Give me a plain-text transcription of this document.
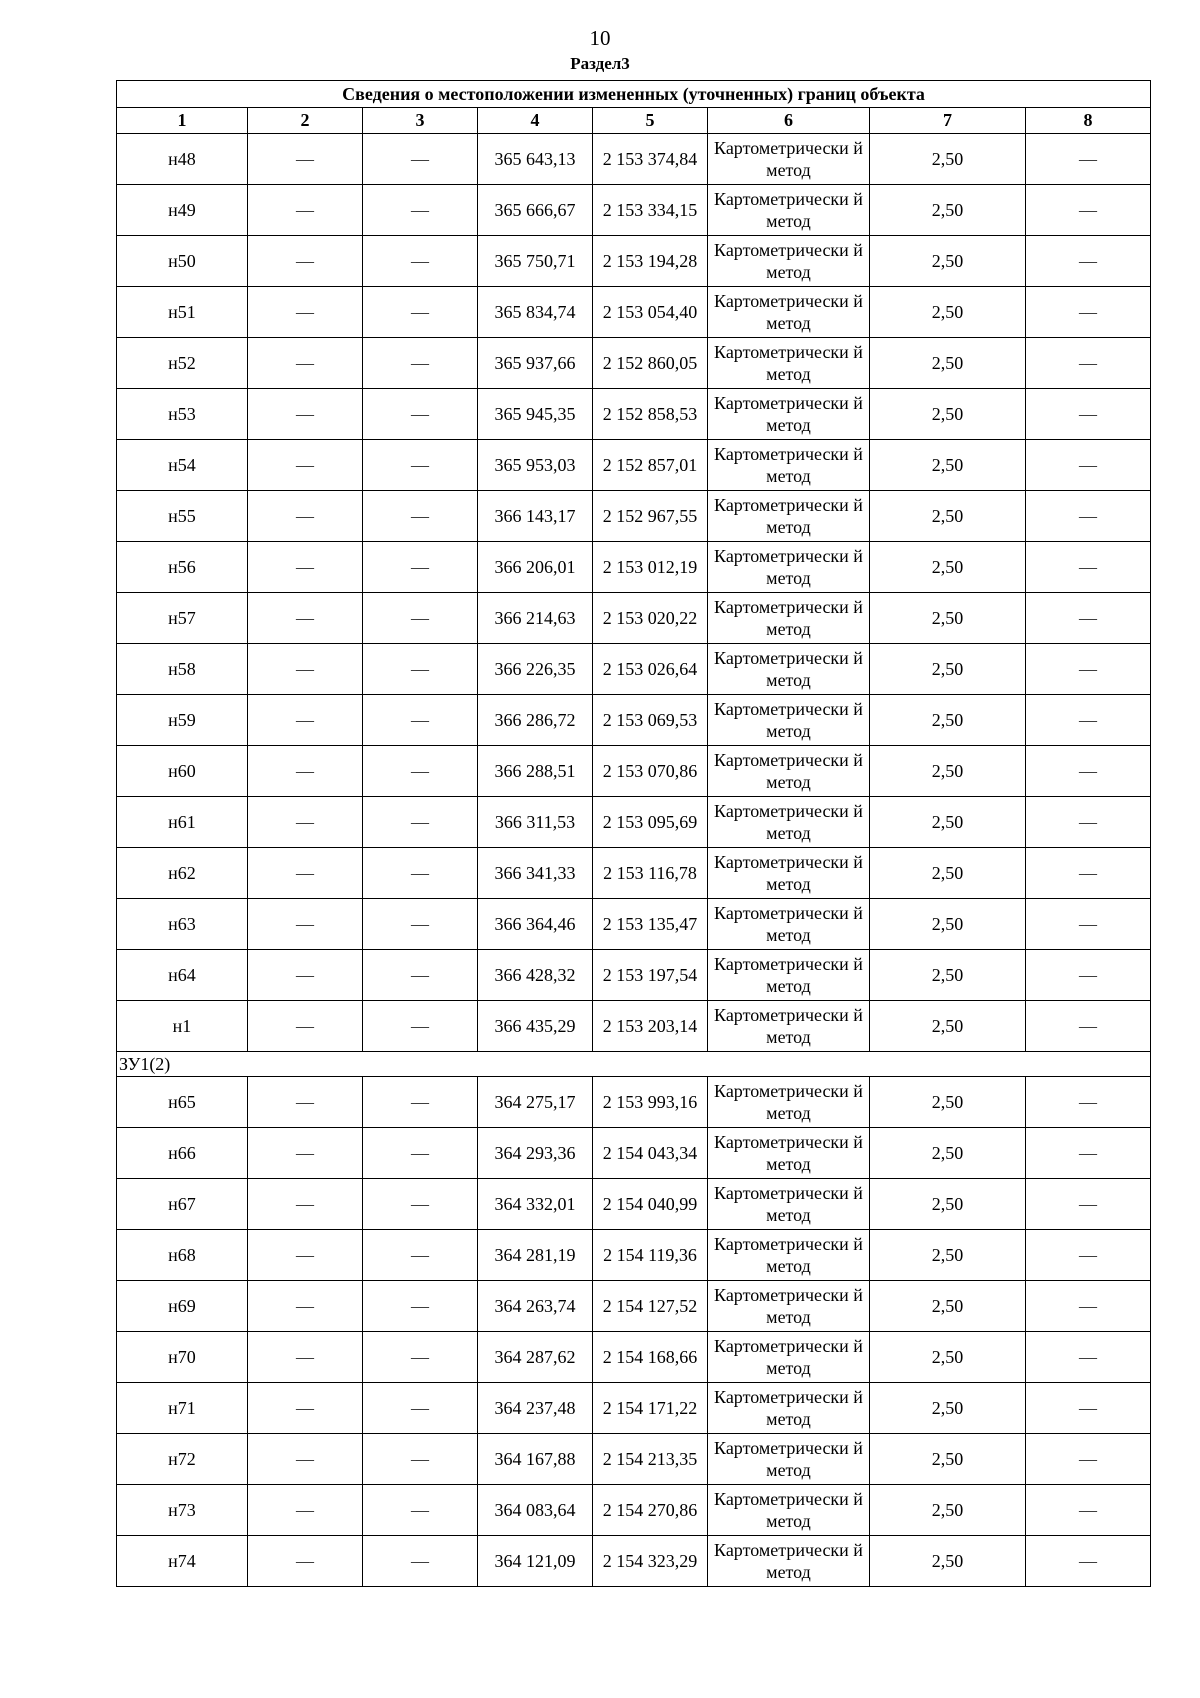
10
Раздел3
Сведения о местоположении измененных (уточненных) границ объекта							
1	2	3	4	5	6	7	8
н48	—	—	365 643,13	2 153 374,84	Картометрически й метод	2,50	—
н49	—	—	365 666,67	2 153 334,15	Картометрически й метод	2,50	—
н50	—	—	365 750,71	2 153 194,28	Картометрически й метод	2,50	—
н51	—	—	365 834,74	2 153 054,40	Картометрически й метод	2,50	—
н52	—	—	365 937,66	2 152 860,05	Картометрически й метод	2,50	—
н53	—	—	365 945,35	2 152 858,53	Картометрически й метод	2,50	—
н54	—	—	365 953,03	2 152 857,01	Картометрически й метод	2,50	—
н55	—	—	366 143,17	2 152 967,55	Картометрически й метод	2,50	—
н56	—	—	366 206,01	2 153 012,19	Картометрически й метод	2,50	—
н57	—	—	366 214,63	2 153 020,22	Картометрически й метод	2,50	—
н58	—	—	366 226,35	2 153 026,64	Картометрически й метод	2,50	—
н59	—	—	366 286,72	2 153 069,53	Картометрически й метод	2,50	—
н60	—	—	366 288,51	2 153 070,86	Картометрически й метод	2,50	—
н61	—	—	366 311,53	2 153 095,69	Картометрически й метод	2,50	—
н62	—	—	366 341,33	2 153 116,78	Картометрически й метод	2,50	—
н63	—	—	366 364,46	2 153 135,47	Картометрически й метод	2,50	—
н64	—	—	366 428,32	2 153 197,54	Картометрически й метод	2,50	—
н1	—	—	366 435,29	2 153 203,14	Картометрически й метод	2,50	—
ЗУ1(2)							
н65	—	—	364 275,17	2 153 993,16	Картометрически й метод	2,50	—
н66	—	—	364 293,36	2 154 043,34	Картометрически й метод	2,50	—
н67	—	—	364 332,01	2 154 040,99	Картометрически й метод	2,50	—
н68	—	—	364 281,19	2 154 119,36	Картометрически й метод	2,50	—
н69	—	—	364 263,74	2 154 127,52	Картометрически й метод	2,50	—
н70	—	—	364 287,62	2 154 168,66	Картометрически й метод	2,50	—
н71	—	—	364 237,48	2 154 171,22	Картометрически й метод	2,50	—
н72	—	—	364 167,88	2 154 213,35	Картометрически й метод	2,50	—
н73	—	—	364 083,64	2 154 270,86	Картометрически й метод	2,50	—
н74	—	—	364 121,09	2 154 323,29	Картометрически й метод	2,50	—
